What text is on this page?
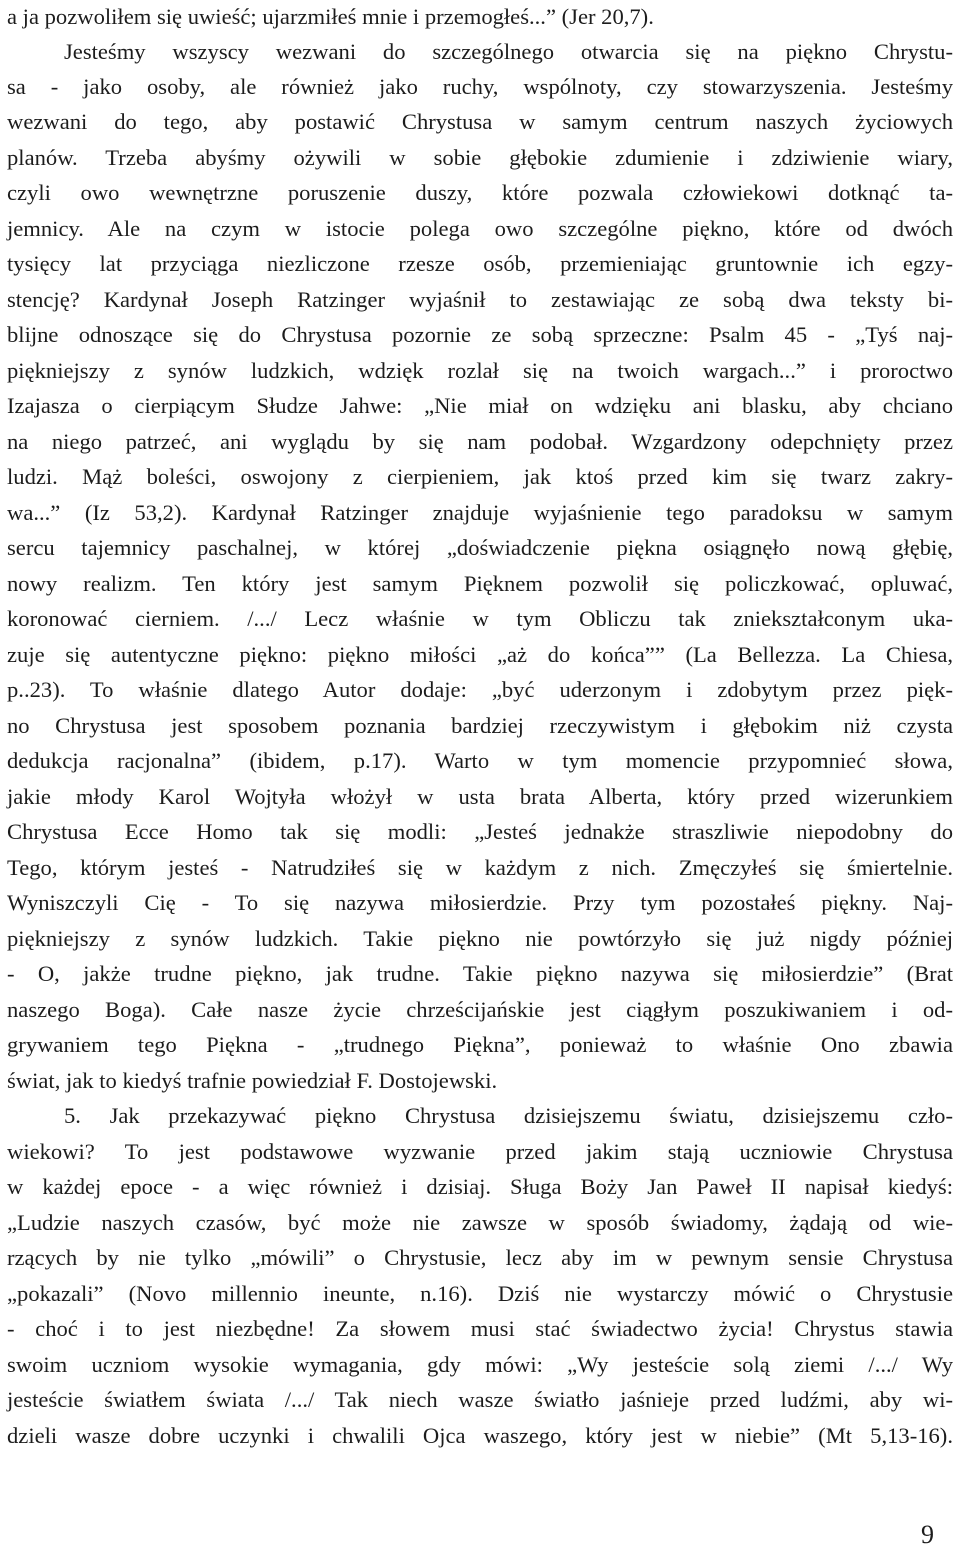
a ja pozwoliłem się uwieść; ujarzmiłeś mnie i przemogłeś...” (Jer 20,7).
Jesteśmy wszyscy wezwani do szczególnego otwarcia się na piękno Chrystu-
sa - jako osoby, ale również jako ruchy, wspólnoty, czy stowarzyszenia. Jesteśmy
wezwani do tego, aby postawić Chrystusa w samym centrum naszych życiowych
planów. Trzeba abyśmy ożywili w sobie głębokie zdumienie i zdziwienie wiary,
czyli owo wewnętrzne poruszenie duszy, które pozwala człowiekowi dotknąć ta-
jemnicy. Ale na czym w istocie polega owo szczególne piękno, które od dwóch
tysięcy lat przyciąga niezliczone rzesze osób, przemieniając gruntownie ich egzy-
stencję? Kardynał Joseph Ratzinger wyjaśnił to zestawiając ze sobą dwa teksty bi-
blijne odnoszące się do Chrystusa pozornie ze sobą sprzeczne: Psalm 45 - „Tyś naj-
piękniejszy z synów ludzkich, wdzięk rozlał się na twoich wargach...” i proroctwo
Izajasza o cierpiącym Słudze Jahwe: „Nie miał on wdzięku ani blasku, aby chciano
na niego patrzeć, ani wyglądu by się nam podobał. Wzgardzony odepchnięty przez
ludzi. Mąż boleści, oswojony z cierpieniem, jak ktoś przed kim się twarz zakry-
wa...” (Iz 53,2). Kardynał Ratzinger znajduje wyjaśnienie tego paradoksu w samym
sercu tajemnicy paschalnej, w której „doświadczenie piękna osiągnęło nową głębię,
nowy realizm. Ten który jest samym Pięknem pozwolił się policzkować, opluwać,
koronować cierniem. /.../ Lecz właśnie w tym Obliczu tak zniekształconym uka-
zuje się autentyczne piękno: piękno miłości „aż do końca”” (La Bellezza. La Chiesa,
p..23). To właśnie dlatego Autor dodaje: „być uderzonym i zdobytym przez pięk-
no Chrystusa jest sposobem poznania bardziej rzeczywistym i głębokim niż czysta
dedukcja racjonalna” (ibidem, p.17). Warto w tym momencie przypomnieć słowa,
jakie młody Karol Wojtyła włożył w usta brata Alberta, który przed wizerunkiem
Chrystusa Ecce Homo tak się modli: „Jesteś jednakże straszliwie niepodobny do
Tego, którym jesteś - Natrudziłeś się w każdym z nich. Zmęczyłeś się śmiertelnie.
Wyniszczyli Cię - To się nazywa miłosierdzie. Przy tym pozostałeś piękny. Naj-
piękniejszy z synów ludzkich. Takie piękno nie powtórzyło się już nigdy później
- O, jakże trudne piękno, jak trudne. Takie piękno nazywa się miłosierdzie” (Brat
naszego Boga). Całe nasze życie chrześcijańskie jest ciągłym poszukiwaniem i od-
grywaniem tego Piękna - „trudnego Piękna”, ponieważ to właśnie Ono zbawia
świat, jak to kiedyś trafnie powiedział F. Dostojewski.
5. Jak przekazywać piękno Chrystusa dzisiejszemu światu, dzisiejszemu czło-
wiekowi? To jest podstawowe wyzwanie przed jakim stają uczniowie Chrystusa
w każdej epoce - a więc również i dzisiaj. Sługa Boży Jan Paweł II napisał kiedyś:
„Ludzie naszych czasów, być może nie zawsze w sposób świadomy, żądają od wie-
rzących by nie tylko „mówili” o Chrystusie, lecz aby im w pewnym sensie Chrystusa
„pokazali” (Novo millennio ineunte, n.16). Dziś nie wystarczy mówić o Chrystusie
- choć i to jest niezbędne! Za słowem musi stać świadectwo życia! Chrystus stawia
swoim uczniom wysokie wymagania, gdy mówi: „Wy jesteście solą ziemi /.../ Wy
jesteście światłem świata /.../ Tak niech wasze światło jaśnieje przed ludźmi, aby wi-
dzieli wasze dobre uczynki i chwalili Ojca waszego, który jest w niebie” (Mt 5,13-16).
9
